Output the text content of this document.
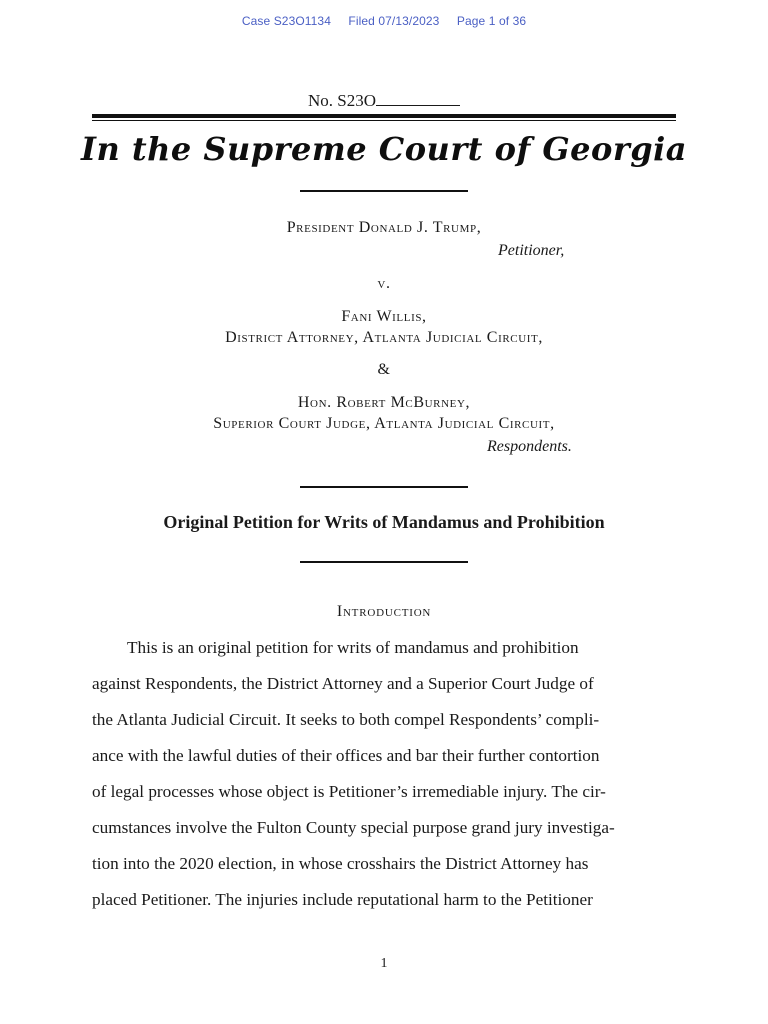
Case S23O1134 Filed 07/13/2023 Page 1 of 36
No. S23O
In the Supreme Court of Georgia
President Donald J. Trump,
Petitioner,
v.
Fani Willis,
District Attorney, Atlanta Judicial Circuit,
&
Hon. Robert McBurney,
Superior Court Judge, Atlanta Judicial Circuit,
Respondents.
Original Petition for Writs of Mandamus and Prohibition
Introduction
This is an original petition for writs of mandamus and prohibition
against Respondents, the District Attorney and a Superior Court Judge of
the Atlanta Judicial Circuit. It seeks to both compel Respondents’ compli-
ance with the lawful duties of their offices and bar their further contortion
of legal processes whose object is Petitioner’s irremediable injury. The cir-
cumstances involve the Fulton County special purpose grand jury investiga-
tion into the 2020 election, in whose crosshairs the District Attorney has
placed Petitioner. The injuries include reputational harm to the Petitioner
1
